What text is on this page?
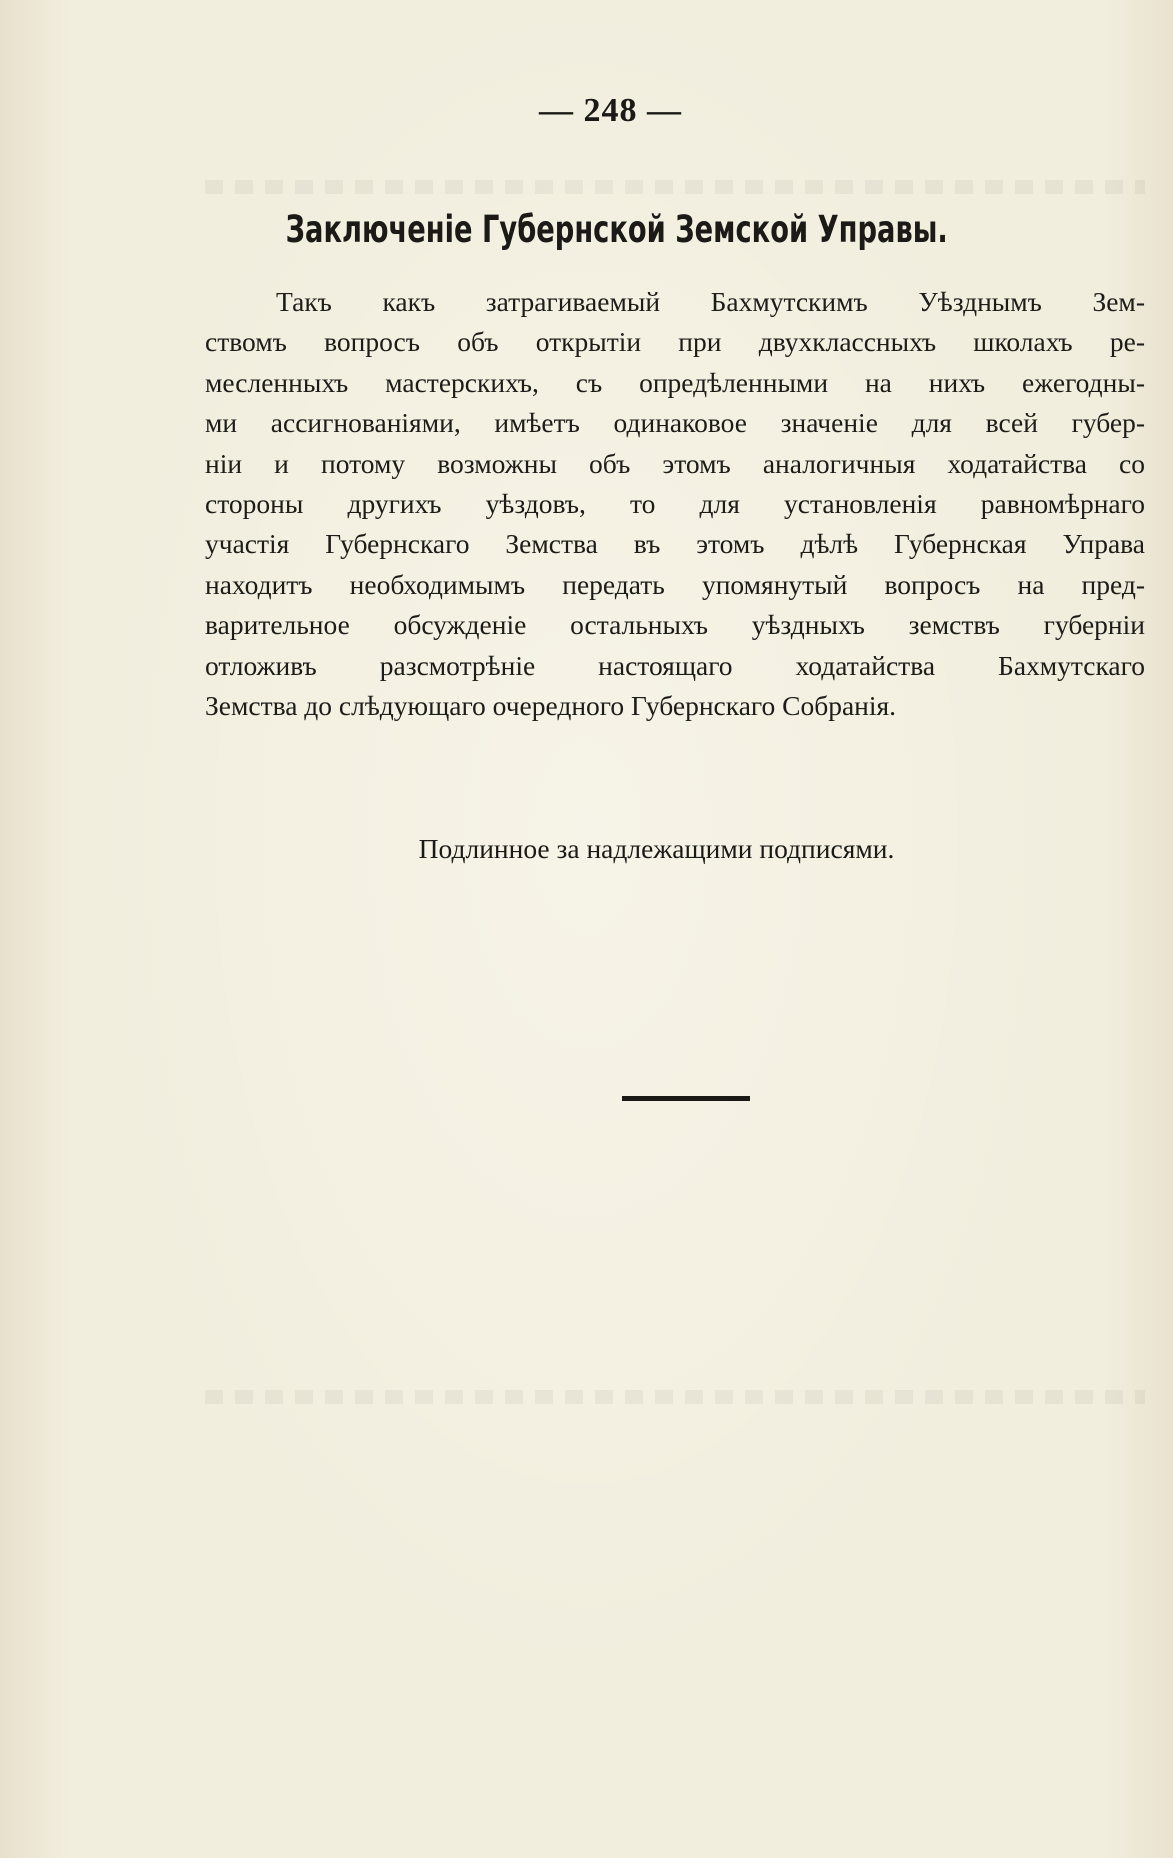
— 248 —
Заключенiе Губернской Земской Управы.
Такъ какъ затрагиваемый Бахмутскимъ Уѣзднымъ Зем-
ствомъ вопросъ объ открытiи при двухклассныхъ школахъ ре-
месленныхъ мастерскихъ, съ опредѣленными на нихъ ежегодны-
ми ассигнованiями, имѣетъ одинаковое значенiе для всей губер-
нiи и потому возможны объ этомъ аналогичныя ходатайства со
стороны другихъ уѣздовъ, то для установленiя равномѣрнаго
участiя Губернскаго Земства въ этомъ дѣлѣ Губернская Управа
находитъ необходимымъ передать упомянутый вопросъ на пред-
варительное обсужденiе остальныхъ уѣздныхъ земствъ губернiи
отложивъ разсмотрѣнiе настоящаго ходатайства Бахмутскаго
Земства до слѣдующаго очередного Губернскаго Собранiя.
Подлинное за надлежащими подписями.
